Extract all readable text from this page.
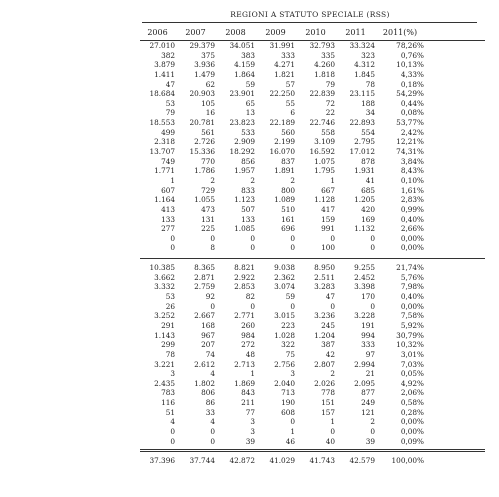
REGIONI A STATUTO SPECIALE (RSS)
2006	2007	2008	2009	2010	2011	2011(%)
27.010	29.379	34.051	31.991	32.793	33.324	78,26%
382	375	383	333	335	323	0,76%
3.879	3.936	4.159	4.271	4.260	4.312	10,13%
1.411	1.479	1.864	1.821	1.818	1.845	4,33%
47	62	59	57	79	78	0,18%
18.684	20.903	23.901	22.250	22.839	23.115	54,29%
53	105	65	55	72	188	0,44%
79	16	13	6	22	34	0,08%
18.553	20.781	23.823	22.189	22.746	22.893	53,77%
499	561	533	560	558	554	2,42%
2.318	2.726	2.909	2.199	3.109	2.795	12,21%
13.707	15.336	18.292	16.070	16.592	17.012	74,31%
749	770	856	837	1.075	878	3,84%
1.771	1.786	1.957	1.891	1.795	1.931	8,43%
1	2	2	2	1	41	0,10%
607	729	833	800	667	685	1,61%
1.164	1.055	1.123	1.089	1.128	1.205	2,83%
413	473	507	510	417	420	0,99%
133	131	133	161	159	169	0,40%
277	225	1.085	696	991	1.132	2,66%
0	0	0	0	0	0	0,00%
0	8	0	0	100	0	0,00%
10.385	8.365	8.821	9.038	8.950	9.255	21,74%
3.662	2.871	2.922	2.362	2.511	2.452	5,76%
3.332	2.759	2.853	3.074	3.283	3.398	7,98%
53	92	82	59	47	170	0,40%
26	0	0	0	0	0	0,00%
3.252	2.667	2.771	3.015	3.236	3.228	7,58%
291	168	260	223	245	191	5,92%
1.143	967	984	1.028	1.204	994	30,79%
299	207	272	322	387	333	10,32%
78	74	48	75	42	97	3,01%
3.221	2.612	2.713	2.756	2.807	2.994	7,03%
3	4	1	3	2	21	0,05%
2.435	1.802	1.869	2.040	2.026	2.095	4,92%
783	806	843	713	778	877	2,06%
116	86	211	190	151	249	0,58%
51	33	77	608	157	121	0,28%
4	4	3	0	1	2	0,00%
0	0	3	1	0	0	0,00%
0	0	39	46	40	39	0,09%
37.396	37.744	42.872	41.029	41.743	42.579	100,00%
